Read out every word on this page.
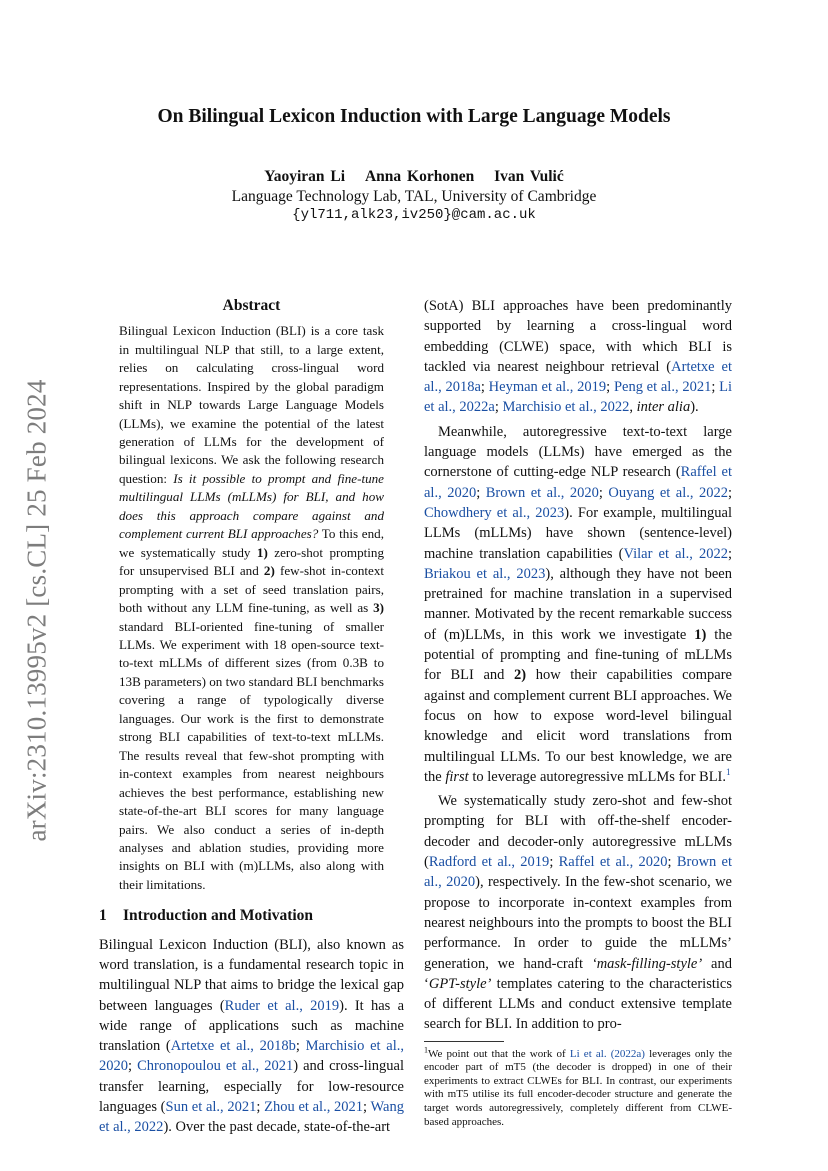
arXiv:2310.13995v2 [cs.CL] 25 Feb 2024
On Bilingual Lexicon Induction with Large Language Models
Yaoyiran Li Anna Korhonen Ivan Vulić
Language Technology Lab, TAL, University of Cambridge
{yl711,alk23,iv250}@cam.ac.uk
Abstract

Bilingual Lexicon Induction (BLI) is a core task in multilingual NLP that still, to a large extent, relies on calculating cross-lingual word representations. Inspired by the global paradigm shift in NLP towards Large Language Models (LLMs), we examine the potential of the latest generation of LLMs for the development of bilingual lexicons. We ask the following research question: Is it possible to prompt and fine-tune multilingual LLMs (mLLMs) for BLI, and how does this approach compare against and complement current BLI approaches? To this end, we systematically study 1) zero-shot prompting for unsupervised BLI and 2) few-shot in-context prompting with a set of seed translation pairs, both without any LLM fine-tuning, as well as 3) standard BLI-oriented fine-tuning of smaller LLMs. We experiment with 18 open-source text-to-text mLLMs of different sizes (from 0.3B to 13B parameters) on two standard BLI benchmarks covering a range of typologically diverse languages. Our work is the first to demonstrate strong BLI capabilities of text-to-text mLLMs. The results reveal that few-shot prompting with in-context examples from nearest neighbours achieves the best performance, establishing new state-of-the-art BLI scores for many language pairs. We also conduct a series of in-depth analyses and ablation studies, providing more insights on BLI with (m)LLMs, also along with their limitations.

1 Introduction and Motivation

Bilingual Lexicon Induction (BLI), also known as word translation, is a fundamental research topic in multilingual NLP that aims to bridge the lexical gap between languages (Ruder et al., 2019). It has a wide range of applications such as machine translation (Artetxe et al., 2018b; Marchisio et al., 2020; Chronopoulou et al., 2021) and cross-lingual transfer learning, especially for low-resource languages (Sun et al., 2021; Zhou et al., 2021; Wang et al., 2022). Over the past decade, state-of-the-art

(SotA) BLI approaches have been predominantly supported by learning a cross-lingual word embedding (CLWE) space, with which BLI is tackled via nearest neighbour retrieval (Artetxe et al., 2018a; Heyman et al., 2019; Peng et al., 2021; Li et al., 2022a; Marchisio et al., 2022, inter alia).

Meanwhile, autoregressive text-to-text large language models (LLMs) have emerged as the cornerstone of cutting-edge NLP research (Raffel et al., 2020; Brown et al., 2020; Ouyang et al., 2022; Chowdhery et al., 2023). For example, multilingual LLMs (mLLMs) have shown (sentence-level) machine translation capabilities (Vilar et al., 2022; Briakou et al., 2023), although they have not been pretrained for machine translation in a supervised manner. Motivated by the recent remarkable success of (m)LLMs, in this work we investigate 1) the potential of prompting and fine-tuning of mLLMs for BLI and 2) how their capabilities compare against and complement current BLI approaches. We focus on how to expose word-level bilingual knowledge and elicit word translations from multilingual LLMs. To our best knowledge, we are the first to leverage autoregressive mLLMs for BLI.$^1$

We systematically study zero-shot and few-shot prompting for BLI with off-the-shelf encoder-decoder and decoder-only autoregressive mLLMs (Radford et al., 2019; Raffel et al., 2020; Brown et al., 2020), respectively. In the few-shot scenario, we propose to incorporate in-context examples from nearest neighbours into the prompts to boost the BLI performance. In order to guide the mLLMs’ generation, we hand-craft ‘mask-filling-style’ and ‘GPT-style’ templates catering to the characteristics of different LLMs and conduct extensive template search for BLI. In addition to pro-

$^1$We point out that the work of Li et al. (2022a) leverages only the encoder part of mT5 (the decoder is dropped) in one of their experiments to extract CLWEs for BLI. In contrast, our experiments with mT5 utilise its full encoder-decoder structure and generate the target words autoregressively, completely different from CLWE-based approaches.
